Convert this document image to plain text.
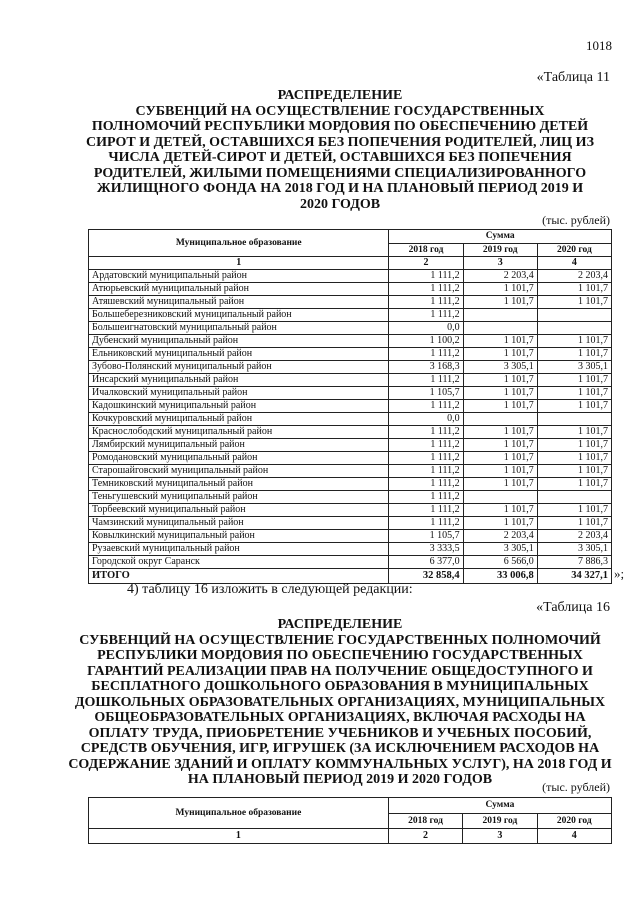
1018
«Таблица 11
РАСПРЕДЕЛЕНИЕ
СУБВЕНЦИЙ НА ОСУЩЕСТВЛЕНИЕ ГОСУДАРСТВЕННЫХ
ПОЛНОМОЧИЙ РЕСПУБЛИКИ МОРДОВИЯ ПО ОБЕСПЕЧЕНИЮ ДЕТЕЙ
СИРОТ И ДЕТЕЙ, ОСТАВШИХСЯ БЕЗ ПОПЕЧЕНИЯ РОДИТЕЛЕЙ, ЛИЦ ИЗ
ЧИСЛА ДЕТЕЙ-СИРОТ И ДЕТЕЙ, ОСТАВШИХСЯ БЕЗ ПОПЕЧЕНИЯ
РОДИТЕЛЕЙ, ЖИЛЫМИ ПОМЕЩЕНИЯМИ СПЕЦИАЛИЗИРОВАННОГО
ЖИЛИЩНОГО ФОНДА НА 2018 ГОД И НА ПЛАНОВЫЙ ПЕРИОД 2019 И
2020 ГОДОВ
(тыс. рублей)
Муниципальное образование	Сумма		
	2018 год	2019 год	2020 год
1	2	3	4
Ардатовский муниципальный район	1 111,2	2 203,4	2 203,4
Атюрьевский муниципальный район	1 111,2	1 101,7	1 101,7
Атяшевский муниципальный район	1 111,2	1 101,7	1 101,7
Большеберезниковский муниципальный район	1 111,2		
Большеигнатовский муниципальный район	0,0		
Дубенский муниципальный район	1 100,2	1 101,7	1 101,7
Ельниковский муниципальный район	1 111,2	1 101,7	1 101,7
Зубово-Полянский муниципальный район	3 168,3	3 305,1	3 305,1
Инсарский муниципальный район	1 111,2	1 101,7	1 101,7
Ичалковский муниципальный район	1 105,7	1 101,7	1 101,7
Кадошкинский муниципальный район	1 111,2	1 101,7	1 101,7
Кочкуровский муниципальный район	0,0		
Краснослободский муниципальный район	1 111,2	1 101,7	1 101,7
Лямбирский муниципальный район	1 111,2	1 101,7	1 101,7
Ромодановский муниципальный район	1 111,2	1 101,7	1 101,7
Старошайговский муниципальный район	1 111,2	1 101,7	1 101,7
Темниковский муниципальный район	1 111,2	1 101,7	1 101,7
Теньгушевский муниципальный район	1 111,2		
Торбеевский муниципальный район	1 111,2	1 101,7	1 101,7
Чамзинский муниципальный район	1 111,2	1 101,7	1 101,7
Ковылкинский муниципальный район	1 105,7	2 203,4	2 203,4
Рузаевский муниципальный район	3 333,5	3 305,1	3 305,1
Городской округ Саранск	6 377,0	6 566,0	7 886,3
ИТОГО	32 858,4	33 006,8	34 327,1 »;
4) таблицу 16 изложить в следующей редакции:
«Таблица 16
РАСПРЕДЕЛЕНИЕ
СУБВЕНЦИЙ НА ОСУЩЕСТВЛЕНИЕ ГОСУДАРСТВЕННЫХ ПОЛНОМОЧИЙ
РЕСПУБЛИКИ МОРДОВИЯ ПО ОБЕСПЕЧЕНИЮ ГОСУДАРСТВЕННЫХ
ГАРАНТИЙ РЕАЛИЗАЦИИ ПРАВ НА ПОЛУЧЕНИЕ ОБЩЕДОСТУПНОГО И
БЕСПЛАТНОГО ДОШКОЛЬНОГО ОБРАЗОВАНИЯ В МУНИЦИПАЛЬНЫХ
ДОШКОЛЬНЫХ ОБРАЗОВАТЕЛЬНЫХ ОРГАНИЗАЦИЯХ, МУНИЦИПАЛЬНЫХ
ОБЩЕОБРАЗОВАТЕЛЬНЫХ ОРГАНИЗАЦИЯХ, ВКЛЮЧАЯ РАСХОДЫ НА
ОПЛАТУ ТРУДА, ПРИОБРЕТЕНИЕ УЧЕБНИКОВ И УЧЕБНЫХ ПОСОБИЙ,
СРЕДСТВ ОБУЧЕНИЯ, ИГР, ИГРУШЕК (ЗА ИСКЛЮЧЕНИЕМ РАСХОДОВ НА
СОДЕРЖАНИЕ ЗДАНИЙ И ОПЛАТУ КОММУНАЛЬНЫХ УСЛУГ), НА 2018 ГОД И
НА ПЛАНОВЫЙ ПЕРИОД 2019 И 2020 ГОДОВ	(тыс. рублей)
Муниципальное образование	Сумма		
	2018 год	2019 год	2020 год
1	2	3	4
